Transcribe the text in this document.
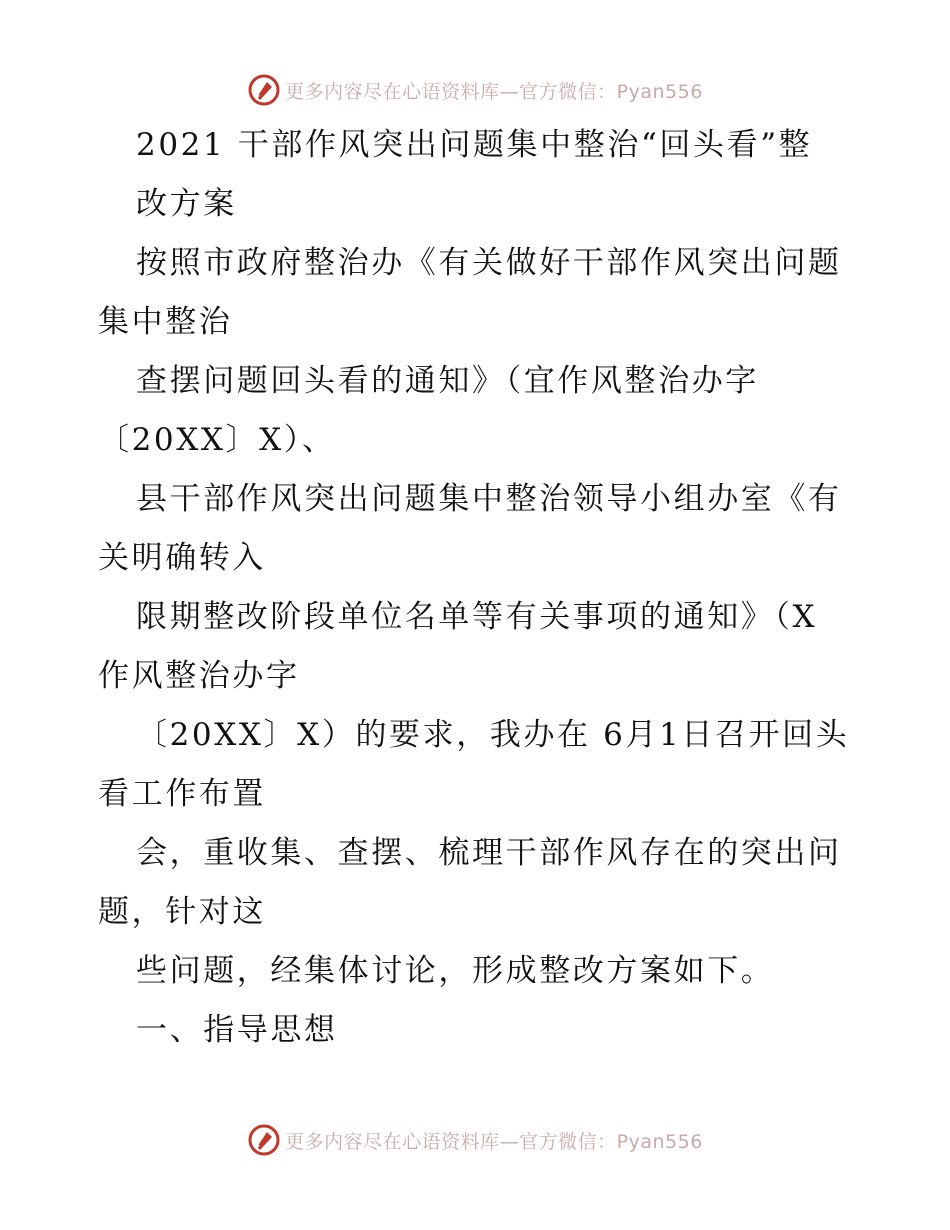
更多内容尽在心语资料库—官方微信：Pyan556
2021 干部作风突出问题集中整治“回头看”整
改方案
按照市政府整治办《有关做好干部作风突出问题
集中整治
查摆问题回头看的通知》（宜作风整治办字
〔20XX〕X）、
县干部作风突出问题集中整治领导小组办室《有
关明确转入
限期整改阶段单位名单等有关事项的通知》（X
作风整治办字
〔20XX〕X）的要求，我办在 6月1日召开回头
看工作布置
会，重收集、查摆、梳理干部作风存在的突出问
题，针对这
些问题，经集体讨论，形成整改方案如下。
一、指导思想
更多内容尽在心语资料库—官方微信：Pyan556
